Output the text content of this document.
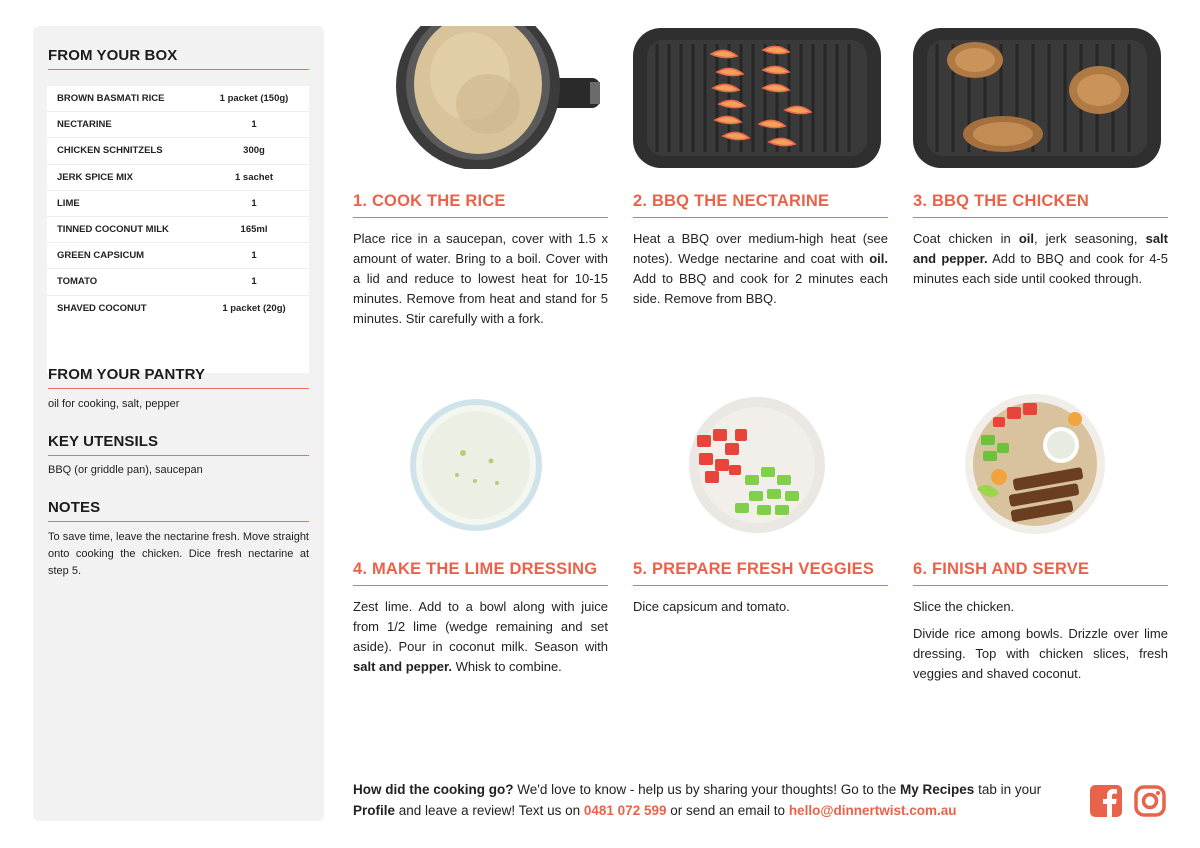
FROM YOUR BOX
BROWN BASMATI RICE	1 packet (150g)
NECTARINE	1
CHICKEN SCHNITZELS	300g
JERK SPICE MIX	1 sachet
LIME	1
TINNED COCONUT MILK	165ml
GREEN CAPSICUM	1
TOMATO	1
SHAVED COCONUT	1 packet (20g)
FROM YOUR PANTRY
oil for cooking, salt, pepper
KEY UTENSILS
BBQ (or griddle pan), saucepan
NOTES
To save time, leave the nectarine fresh. Move straight onto cooking the chicken. Dice fresh nectarine at step 5.
1. COOK THE RICE
Place rice in a saucepan, cover with 1.5 x amount of water. Bring to a boil. Cover with a lid and reduce to lowest heat for 10-15 minutes. Remove from heat and stand for 5 minutes. Stir carefully with a fork.
2. BBQ THE NECTARINE
Heat a BBQ over medium-high heat (see notes). Wedge nectarine and coat with oil. Add to BBQ and cook for 2 minutes each side. Remove from BBQ.
3. BBQ THE CHICKEN
Coat chicken in oil, jerk seasoning, salt and pepper. Add to BBQ and cook for 4-5 minutes each side until cooked through.
4. MAKE THE LIME DRESSING
Zest lime. Add to a bowl along with juice from 1/2 lime (wedge remaining and set aside). Pour in coconut milk. Season with salt and pepper. Whisk to combine.
5. PREPARE FRESH VEGGIES
Dice capsicum and tomato.
6. FINISH AND SERVE

Slice the chicken.

Divide rice among bowls. Drizzle over lime dressing. Top with chicken slices, fresh veggies and shaved coconut.

How did the cooking go? We'd love to know - help us by sharing your thoughts! Go to the My Recipes tab in your Profile and leave a review! Text us on 0481 072 599 or send an email to hello@dinnertwist.com.au
